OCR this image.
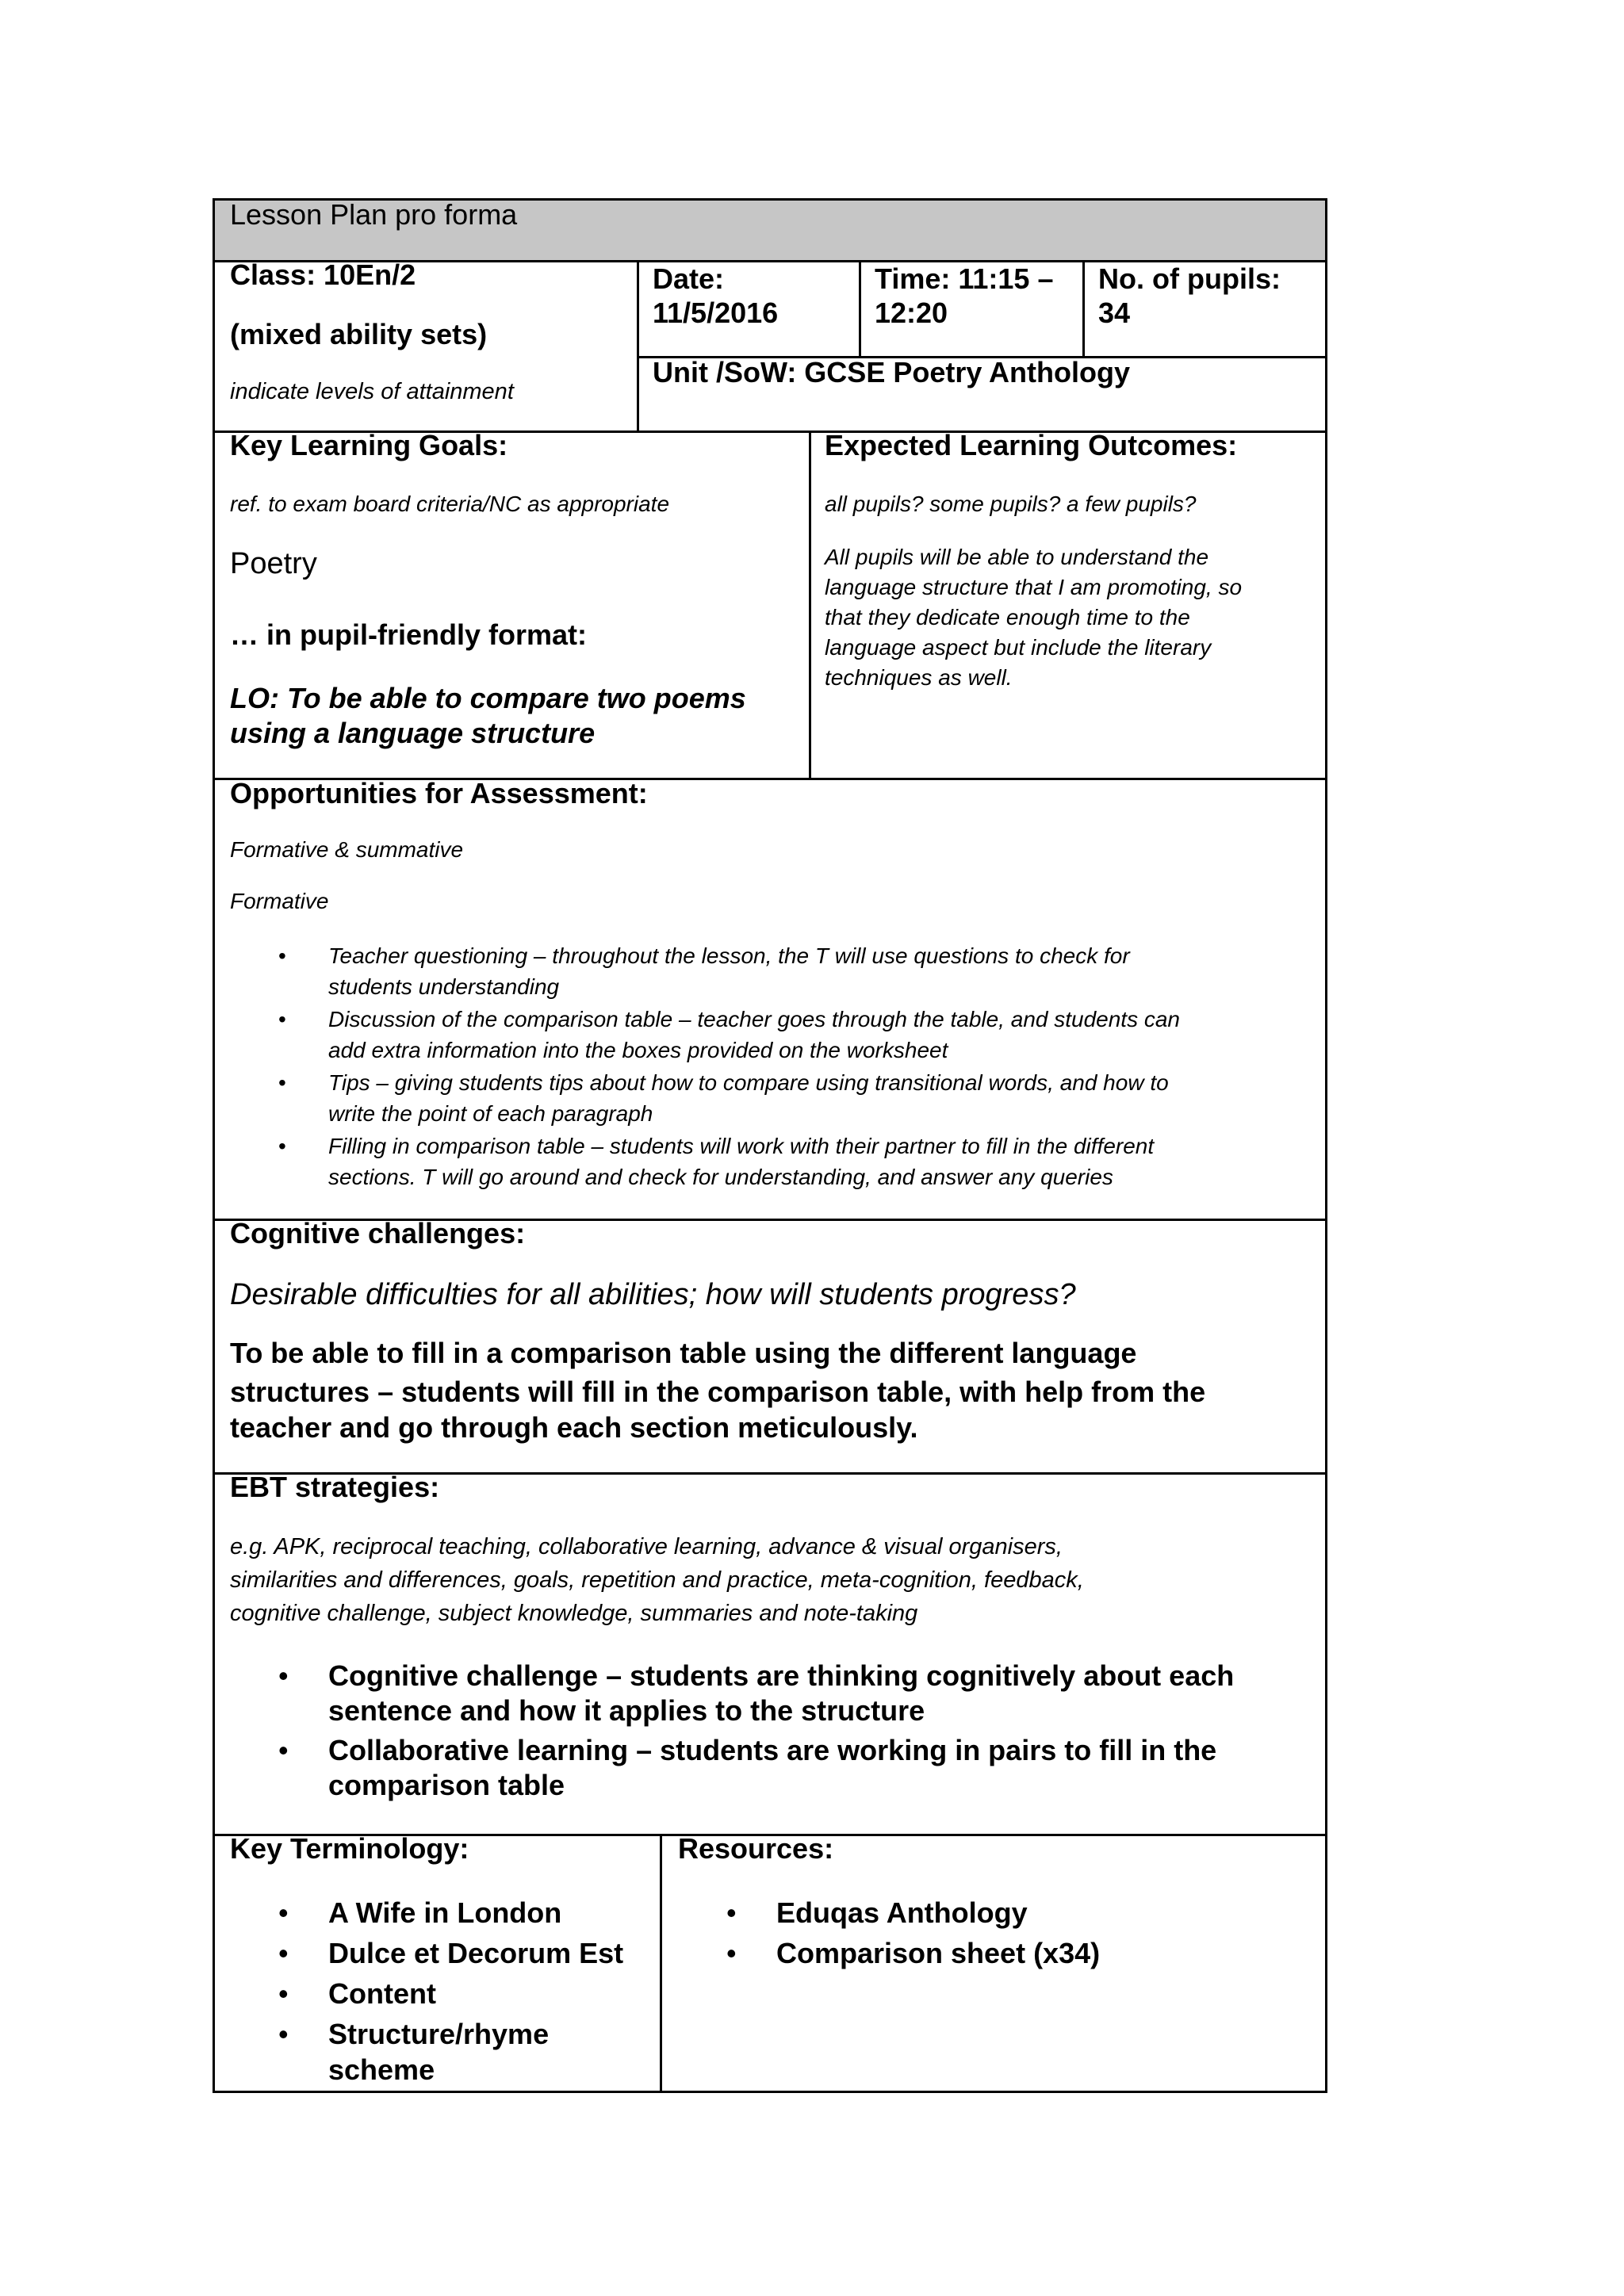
Lesson Plan pro forma
Class: 10En/2
(mixed ability sets)
indicate levels of attainment
Date:
11/5/2016
Time: 11:15 –
12:20
No. of pupils:
34
Unit /SoW: GCSE Poetry Anthology
Key Learning Goals:
ref. to exam board criteria/NC as appropriate
Poetry
… in pupil-friendly format:
LO: To be able to compare two poems
using a language structure
Expected Learning Outcomes:
all pupils? some pupils? a few pupils?
All pupils will be able to understand the
language structure that I am promoting, so
that they dedicate enough time to the
language aspect but include the literary
techniques as well.
Opportunities for Assessment:
Formative & summative
Formative
• Teacher questioning – throughout the lesson, the T will use questions to check for
students understanding
• Discussion of the comparison table – teacher goes through the table, and students can
add extra information into the boxes provided on the worksheet
• Tips – giving students tips about how to compare using transitional words, and how to
write the point of each paragraph
• Filling in comparison table – students will work with their partner to fill in the different
sections. T will go around and check for understanding, and answer any queries
Cognitive challenges:
Desirable difficulties for all abilities; how will students progress?
To be able to fill in a comparison table using the different language
structures – students will fill in the comparison table, with help from the
teacher and go through each section meticulously.
EBT strategies:
e.g. APK, reciprocal teaching, collaborative learning, advance & visual organisers,
similarities and differences, goals, repetition and practice, meta-cognition, feedback,
cognitive challenge, subject knowledge, summaries and note-taking
• Cognitive challenge – students are thinking cognitively about each
sentence and how it applies to the structure
• Collaborative learning – students are working in pairs to fill in the
comparison table
Key Terminology:
• A Wife in London
• Dulce et Decorum Est
• Content
• Structure/rhyme
scheme
Resources:
• Eduqas Anthology
• Comparison sheet (x34)
